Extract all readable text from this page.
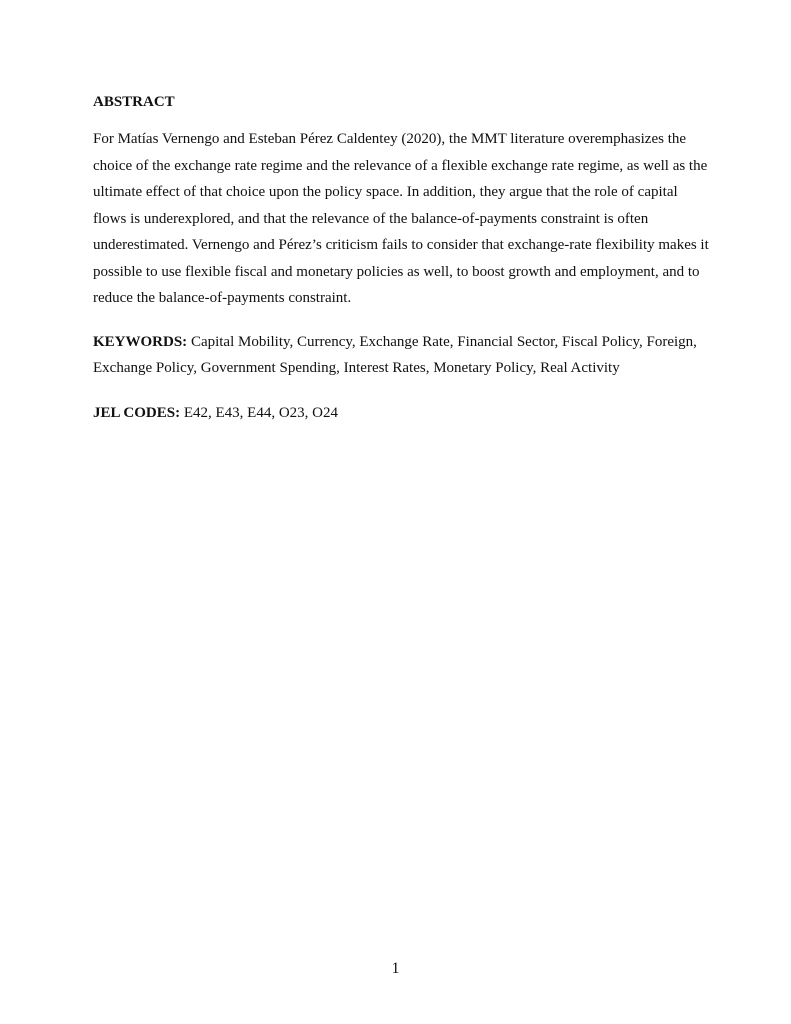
ABSTRACT

For Matías Vernengo and Esteban Pérez Caldentey (2020), the MMT literature overemphasizes the choice of the exchange rate regime and the relevance of a flexible exchange rate regime, as well as the ultimate effect of that choice upon the policy space. In addition, they argue that the role of capital flows is underexplored, and that the relevance of the balance-of-payments constraint is often underestimated. Vernengo and Pérez’s criticism fails to consider that exchange-rate flexibility makes it possible to use flexible fiscal and monetary policies as well, to boost growth and employment, and to reduce the balance-of-payments constraint.

KEYWORDS: Capital Mobility, Currency, Exchange Rate, Financial Sector, Fiscal Policy, Foreign, Exchange Policy, Government Spending, Interest Rates, Monetary Policy, Real Activity

JEL CODES: E42, E43, E44, O23, O24

1
